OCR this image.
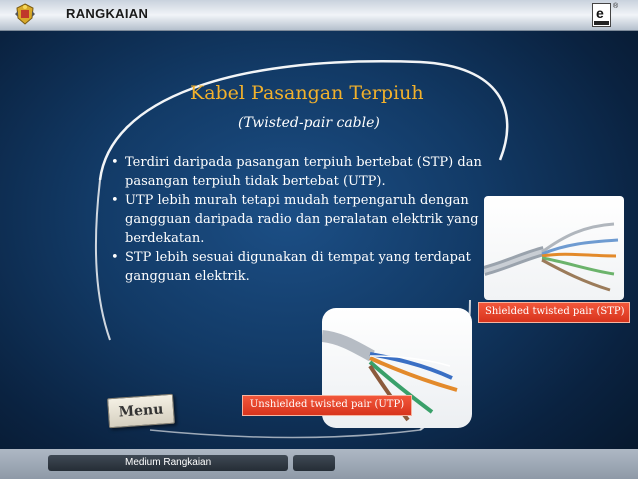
RANGKAIAN	e ®
Kabel Pasangan Terpiuh
(Twisted-pair cable)
• Terdiri daripada pasangan terpiuh bertebat (STP) dan pasangan terpiuh tidak bertebat (UTP).
• UTP lebih murah tetapi mudah terpengaruh dengan gangguan daripada radio dan peralatan elektrik yang berdekatan.
• STP lebih sesuai digunakan di tempat yang terdapat gangguan elektrik.
Shielded twisted pair (STP)
Unshielded twisted pair (UTP)
Menu
Medium Rangkaian
